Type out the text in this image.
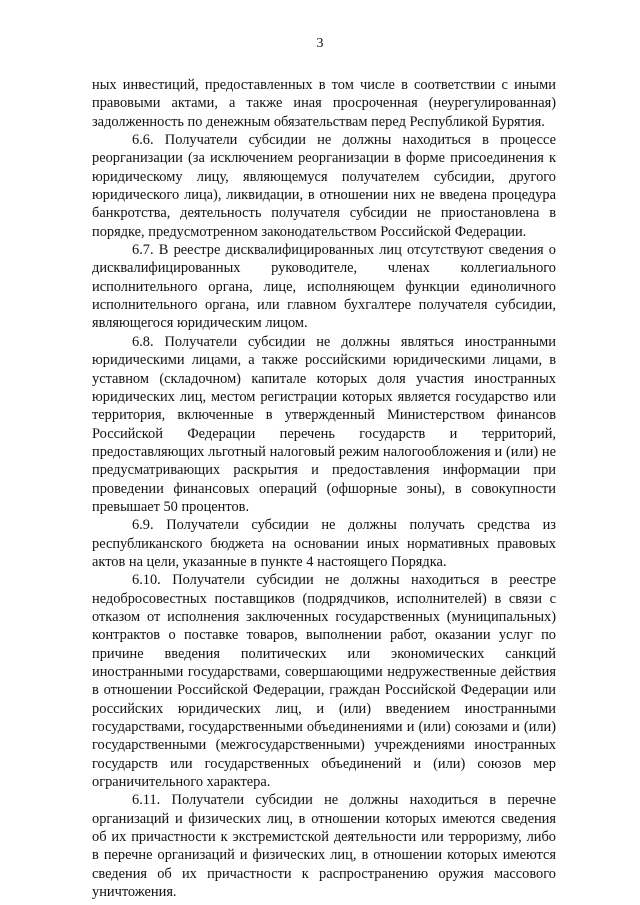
3

ных инвестиций, предоставленных в том числе в соответствии с иными правовыми актами, а также иная просроченная (неурегулированная) задолженность по денежным обязательствам перед Республикой Бурятия.

6.6. Получатели субсидии не должны находиться в процессе реорганизации (за исключением реорганизации в форме присоединения к юридическому лицу, являющемуся получателем субсидии, другого юридического лица), ликвидации, в отношении них не введена процедура банкротства, деятельность получателя субсидии не приостановлена в порядке, предусмотренном законодательством Российской Федерации.

6.7. В реестре дисквалифицированных лиц отсутствуют сведения о дисквалифицированных руководителе, членах коллегиального исполнительного органа, лице, исполняющем функции единоличного исполнительного органа, или главном бухгалтере получателя субсидии, являющегося юридическим лицом.

6.8. Получатели субсидии не должны являться иностранными юридическими лицами, а также российскими юридическими лицами, в уставном (складочном) капитале которых доля участия иностранных юридических лиц, местом регистрации которых является государство или территория, включенные в утвержденный Министерством финансов Российской Федерации перечень государств и территорий, предоставляющих льготный налоговый режим налогообложения и (или) не предусматривающих раскрытия и предоставления информации при проведении финансовых операций (офшорные зоны), в совокупности превышает 50 процентов.

6.9. Получатели субсидии не должны получать средства из республиканского бюджета на основании иных нормативных правовых актов на цели, указанные в пункте 4 настоящего Порядка.

6.10. Получатели субсидии не должны находиться в реестре недобросовестных поставщиков (подрядчиков, исполнителей) в связи с отказом от исполнения заключенных государственных (муниципальных) контрактов о поставке товаров, выполнении работ, оказании услуг по причине введения политических или экономических санкций иностранными государствами, совершающими недружественные действия в отношении Российской Федерации, граждан Российской Федерации или российских юридических лиц, и (или) введением иностранными государствами, государственными объединениями и (или) союзами и (или) государственными (межгосударственными) учреждениями иностранных государств или государственных объединений и (или) союзов мер ограничительного характера.

6.11. Получатели субсидии не должны находиться в перечне организаций и физических лиц, в отношении которых имеются сведения об их причастности к экстремистской деятельности или терроризму, либо в перечне организаций и физических лиц, в отношении которых имеются сведения об их причастности к распространению оружия массового уничтожения.
